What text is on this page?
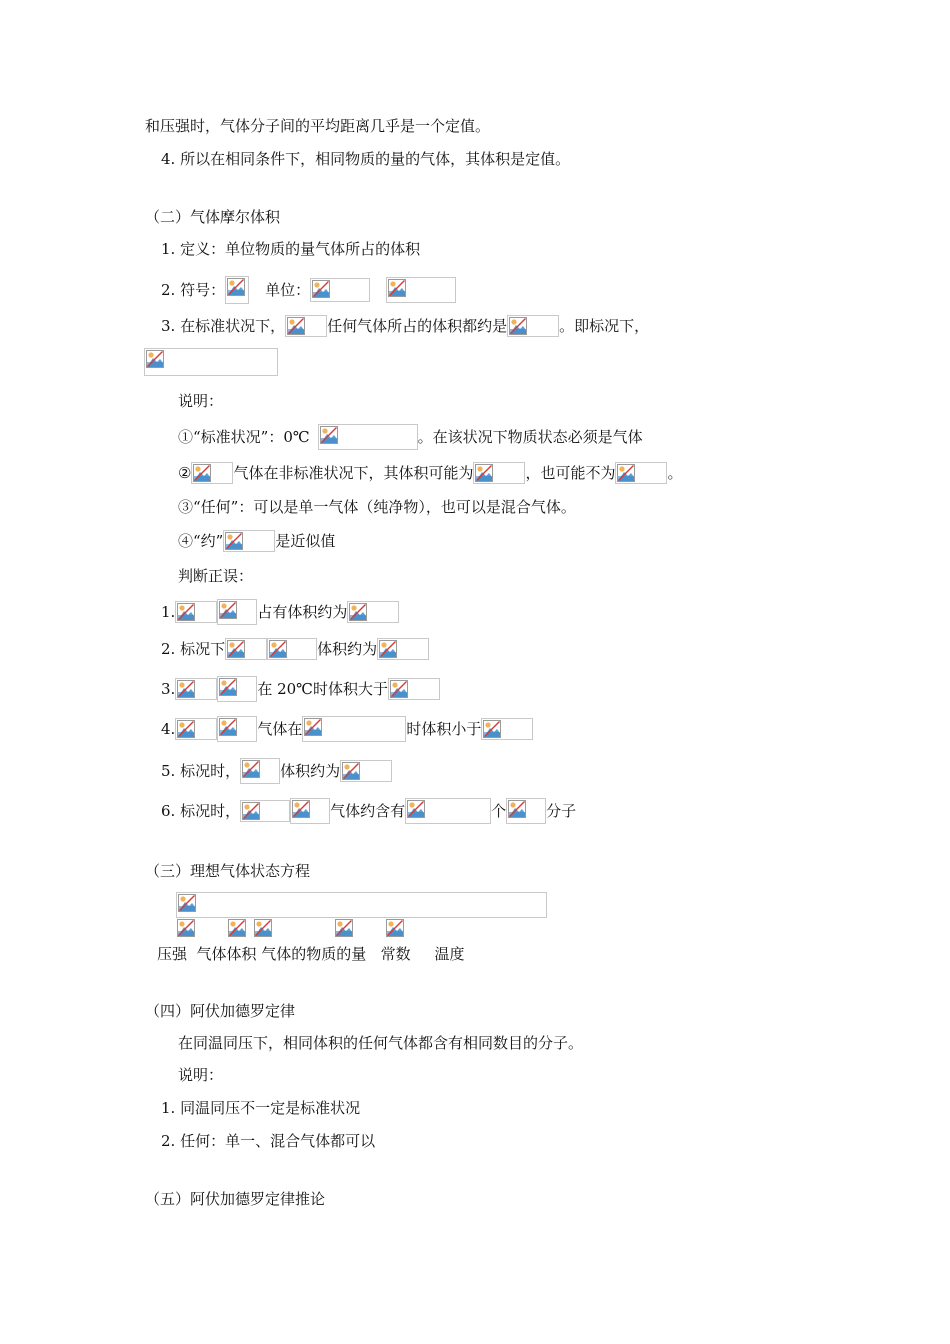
和压强时，气体分子间的平均距离几乎是一个定值。
4. 所以在相同条件下，相同物质的量的气体，其体积是定值。
（二）气体摩尔体积
1. 定义：单位物质的量气体所占的体积
2. 符号：	单位：
3. 在标准状况下，	任何气体所占的体积都约是	。即标况下，
说明：
①“标准状况”：0℃	。在该状况下物质状态必须是气体
②	气体在非标准状况下，其体积可能为	，也可能不为	。
③“任何”：可以是单一气体（纯净物），也可以是混合气体。
④“约”	是近似值
判断正误：
1.	占有体积约为
2. 标况下	体积约为
3.	在 20℃时体积大于
4.	气体在	时体积小于
5. 标况时，	体积约为
6. 标况时，	气体约含有	个	分子
（三）理想气体状态方程
压强  气体体积 气体的物质的量   常数     温度
（四）阿伏加德罗定律
在同温同压下，相同体积的任何气体都含有相同数目的分子。
说明：
1. 同温同压不一定是标准状况
2. 任何：单一、混合气体都可以
（五）阿伏加德罗定律推论
